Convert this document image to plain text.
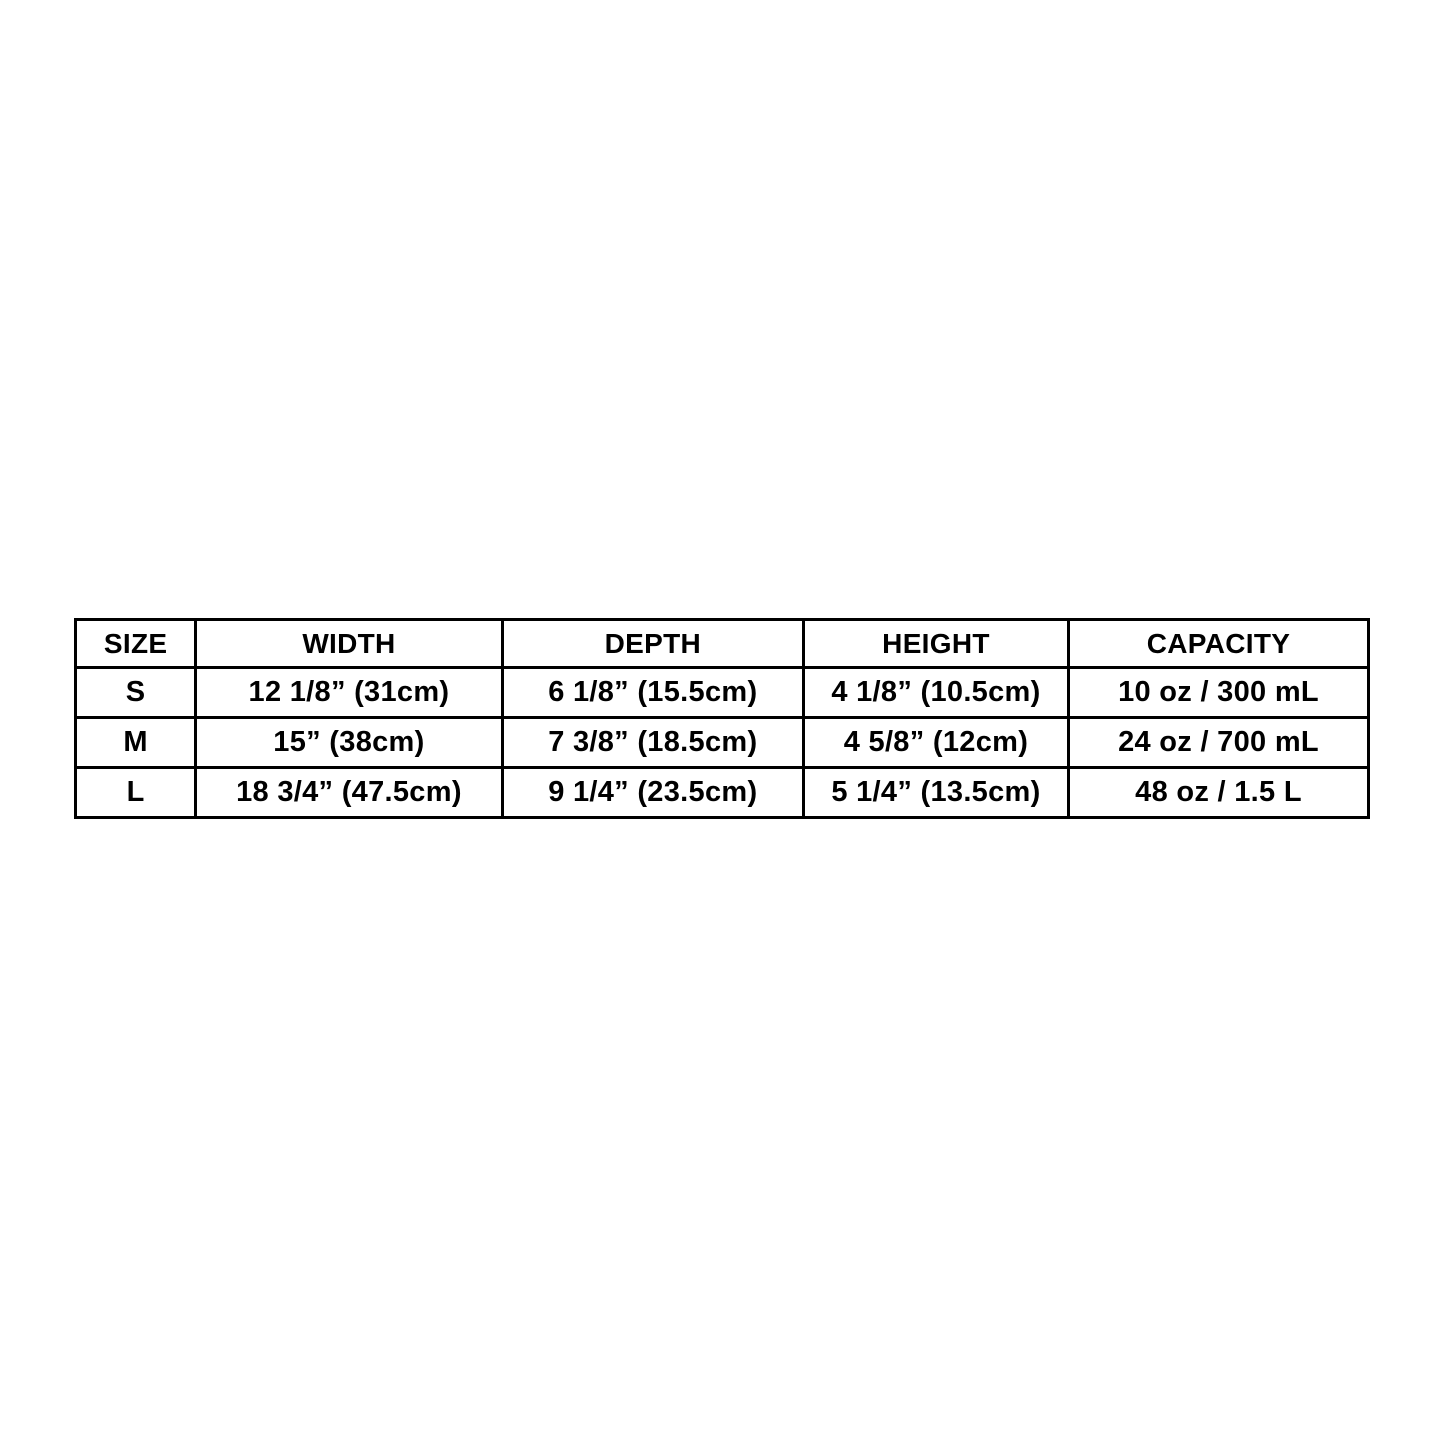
SIZE	WIDTH	DEPTH	HEIGHT	CAPACITY
S	12 1/8” (31cm)	6 1/8” (15.5cm)	4 1/8” (10.5cm)	10 oz / 300 mL
M	15” (38cm)	7 3/8” (18.5cm)	4 5/8” (12cm)	24 oz / 700 mL
L	18 3/4” (47.5cm)	9 1/4” (23.5cm)	5 1/4” (13.5cm)	48 oz / 1.5 L
